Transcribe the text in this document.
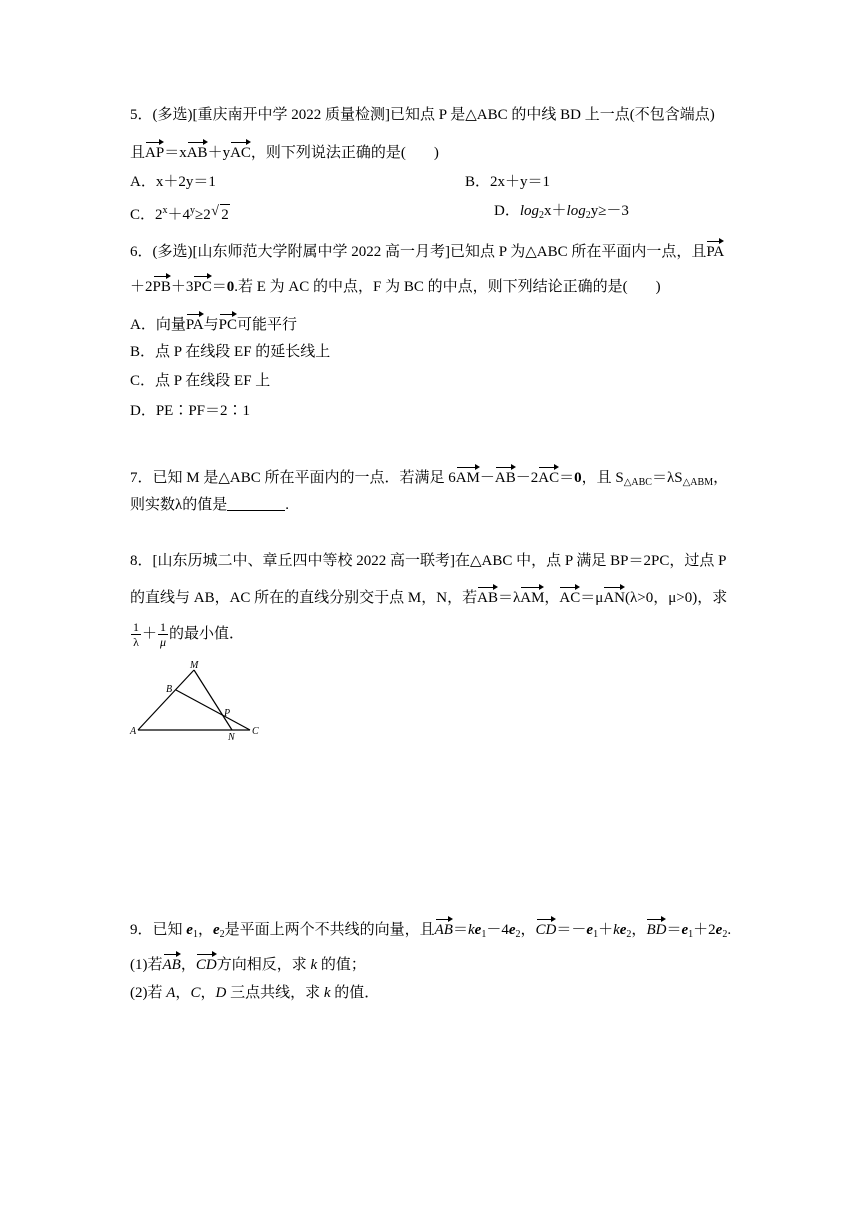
5．(多选)[重庆南开中学 2022 质量检测]已知点 P 是△ABC 的中线 BD 上一点(不包含端点)
且AP＝xAB＋yAC，则下列说法正确的是( )
A．x＋2y＝1	B．2x＋y＝1
C．$2^x+4^y\ge 2$  √ 2	D．$\log_2x+\log_2y\ge-3$
6．(多选)[山东师范大学附属中学 2022 高一月考]已知点 P 为△ABC 所在平面内一点，且PA
＋2PB＋3PC＝0.若 E 为 AC 的中点，F 为 BC 的中点，则下列结论正确的是( )
A．向量PA与PC可能平行
B．点 P 在线段 EF 的延长线上
C．点 P 在线段 EF 上
D．PE∶PF＝2∶1
7．已知 M 是△ABC 所在平面内的一点．若满足 6AM－AB－2AC＝0，且 $S_{\triangle ABC}=\lambda S_{\triangle ABM}$，
则实数λ的值是	.
8．[山东历城二中、章丘四中等校 2022 高一联考]在△ABC 中，点 P 满足 BP＝2PC，过点 P
的直线与 AB，AC 所在的直线分别交于点 M，N，若AB＝λAM，AC＝μAN(λ>0，μ>0)，求
$\frac{1}{\lambda} + \frac{1}{\mu}$ 的最小值．
A
B
M
P
N
C
9．已知 $e_1$，$e_2$是平面上两个不共线的向量，且$AB=ke_1-4e_2$，$CD=-e_1+ke_2$，$BD=e_1+2e_2$.
(1)若AB，CD方向相反，求 k 的值；
(2)若 A，C，D 三点共线，求 k 的值．
